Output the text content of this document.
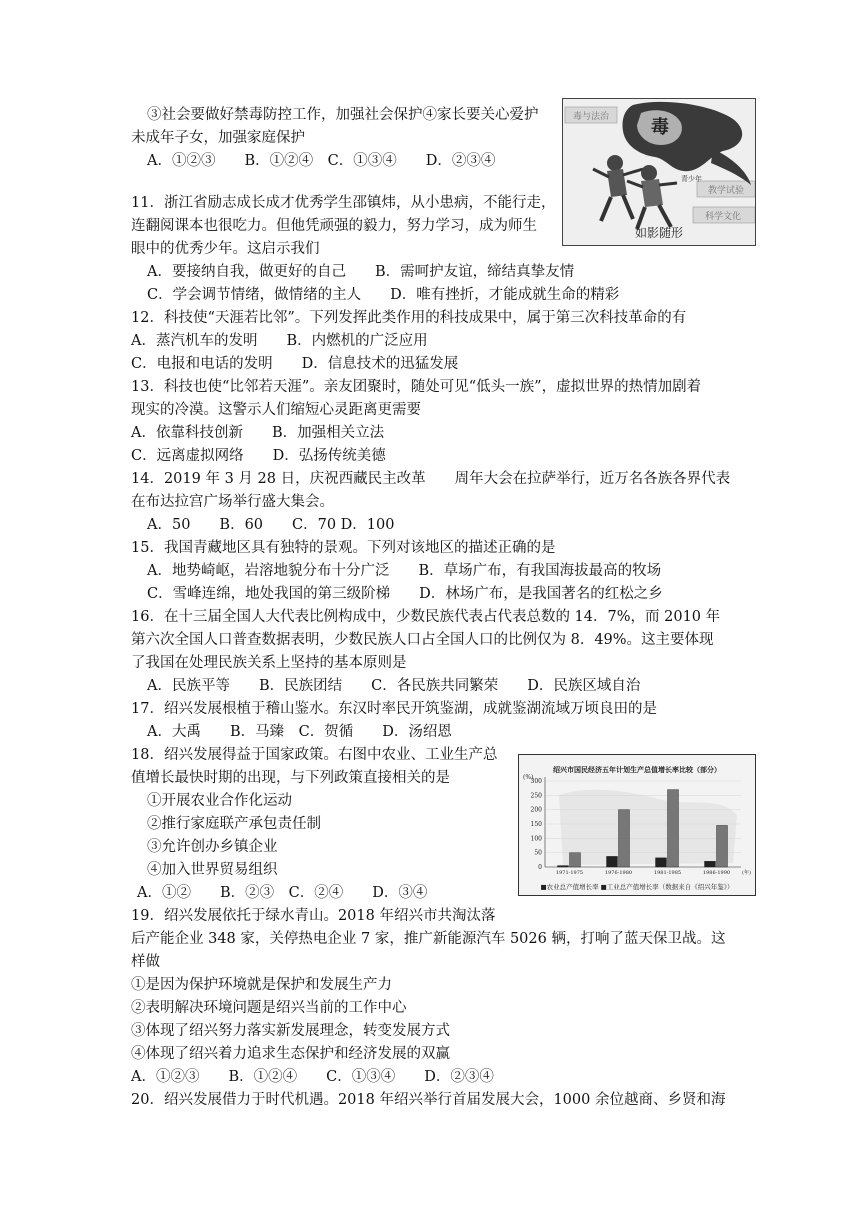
③社会要做好禁毒防控工作，加强社会保护④家长要关心爱护
未成年子女，加强家庭保护
A．①②③　　B．①②④　C．①③④　　D．②③④
11．浙江省励志成长成才优秀学生邵镇炜，从小患病，不能行走，
连翻阅课本也很吃力。但他凭顽强的毅力，努力学习，成为师生
眼中的优秀少年。这启示我们
A．要接纳自我，做更好的自己　　B．需呵护友谊，缔结真挚友情
C．学会调节情绪，做情绪的主人　　D．唯有挫折，才能成就生命的精彩
12．科技使“天涯若比邻”。下列发挥此类作用的科技成果中，属于第三次科技革命的有
A．蒸汽机车的发明　　B．内燃机的广泛应用
C．电报和电话的发明　　D．信息技术的迅猛发展
13．科技也使“比邻若天涯”。亲友团聚时，随处可见“低头一族”，虚拟世界的热情加剧着
现实的冷漠。这警示人们缩短心灵距离更需要
A．依靠科技创新　　B．加强相关立法
C．远离虚拟网络　　D．弘扬传统美德
14．2019 年 3 月 28 日，庆祝西藏民主改革　　周年大会在拉萨举行，近万名各族各界代表
在布达拉宫广场举行盛大集会。
A．50　　B．60　　C．70 D．100
15．我国青藏地区具有独特的景观。下列对该地区的描述正确的是
A．地势崎岖，岩溶地貌分布十分广泛　　B．草场广布，有我国海拔最高的牧场
C．雪峰连绵，地处我国的第三级阶梯　　D．林场广布，是我国著名的红松之乡
16．在十三届全国人大代表比例构成中，少数民族代表占代表总数的 14．7%，而 2010 年
第六次全国人口普查数据表明，少数民族人口占全国人口的比例仅为 8．49%。这主要体现
了我国在处理民族关系上坚持的基本原则是
A．民族平等　　B．民族团结　　C．各民族共同繁荣　　D．民族区域自治
17．绍兴发展根植于稽山鉴水。东汉时率民开筑鉴湖，成就鉴湖流域万顷良田的是
A．大禹　　B．马臻　C．贺循　　D．汤绍恩
18．绍兴发展得益于国家政策。右图中农业、工业生产总
值增长最快时期的出现，与下列政策直接相关的是
①开展农业合作化运动
②推行家庭联产承包责任制
③允许创办乡镇企业
④加入世界贸易组织
A．①②　　B．②③　C．②④　　D．③④
19．绍兴发展依托于绿水青山。2018 年绍兴市共淘汰落
后产能企业 348 家，关停热电企业 7 家，推广新能源汽车 5026 辆，打响了蓝天保卫战。这
样做
①是因为保护环境就是保护和发展生产力
②表明解决环境问题是绍兴当前的工作中心
③体现了绍兴努力落实新发展理念，转变发展方式
④体现了绍兴着力追求生态保护和经济发展的双赢
A．①②③　　B．①②④　　C．①③④　　D．②③④
20．绍兴发展借力于时代机遇。2018 年绍兴举行首届发展大会，1000 余位越商、乡贤和海
毒与法治
科学文化
教学试验
毒
青少年
如影随形
绍兴市国民经济五年计划生产总值增长率比较（部分）
(%)
0
50
100
150
200
250
300
1971-1975	1976-1980	1981-1985	1986-1990 (年)
■农业总产值增长率 ■工业总产值增长率（数据来自《绍兴年鉴》）
